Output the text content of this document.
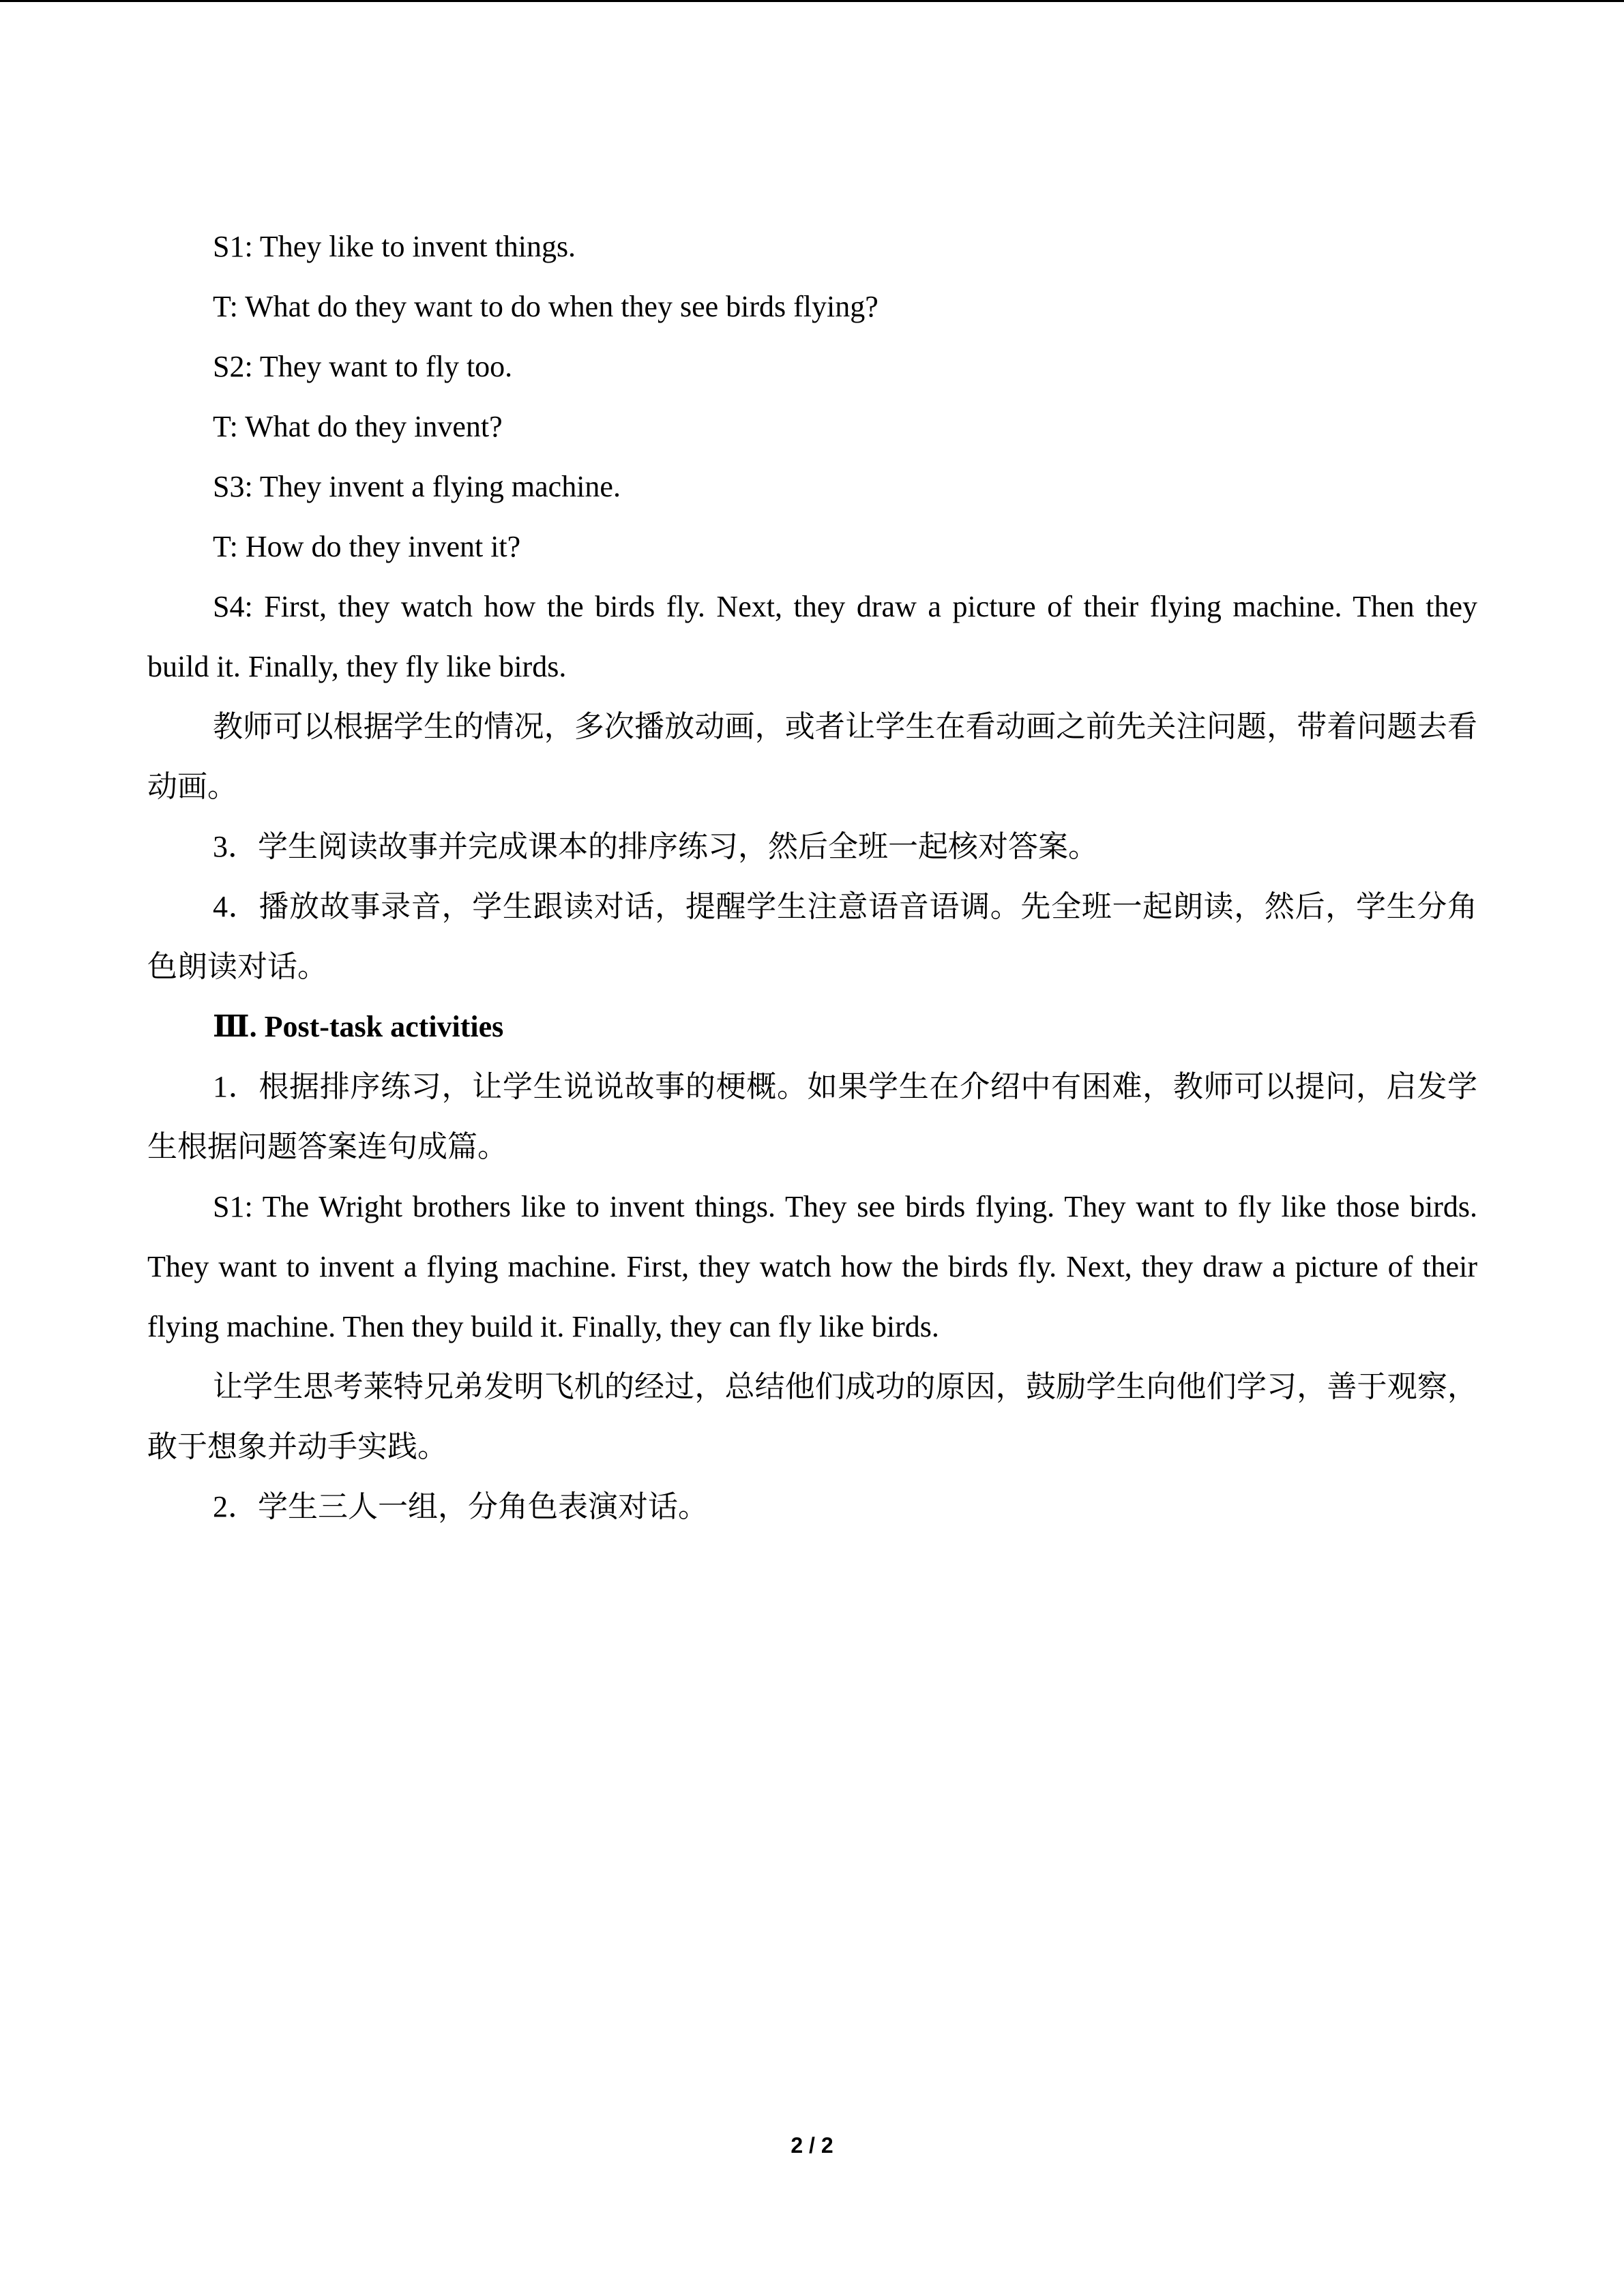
S1: They like to invent things.

T: What do they want to do when they see birds flying?

S2: They want to fly too.

T: What do they invent?

S3: They invent a flying machine.

T: How do they invent it?

S4: First, they watch how the birds fly. Next, they draw a picture of their flying machine. Then they build it. Finally, they fly like birds.

教师可以根据学生的情况，多次播放动画，或者让学生在看动画之前先关注问题，带着问题去看动画。

3．学生阅读故事并完成课本的排序练习，然后全班一起核对答案。

4．播放故事录音，学生跟读对话，提醒学生注意语音语调。先全班一起朗读，然后，学生分角色朗读对话。

Ⅲ. Post-task activities

1．根据排序练习，让学生说说故事的梗概。如果学生在介绍中有困难，教师可以提问，启发学生根据问题答案连句成篇。

S1: The Wright brothers like to invent things. They see birds flying. They want to fly like those birds. They want to invent a flying machine. First, they watch how the birds fly. Next, they draw a picture of their flying machine. Then they build it. Finally, they can fly like birds.

让学生思考莱特兄弟发明飞机的经过，总结他们成功的原因，鼓励学生向他们学习，善于观察，敢于想象并动手实践。

2．学生三人一组，分角色表演对话。

2 / 2
